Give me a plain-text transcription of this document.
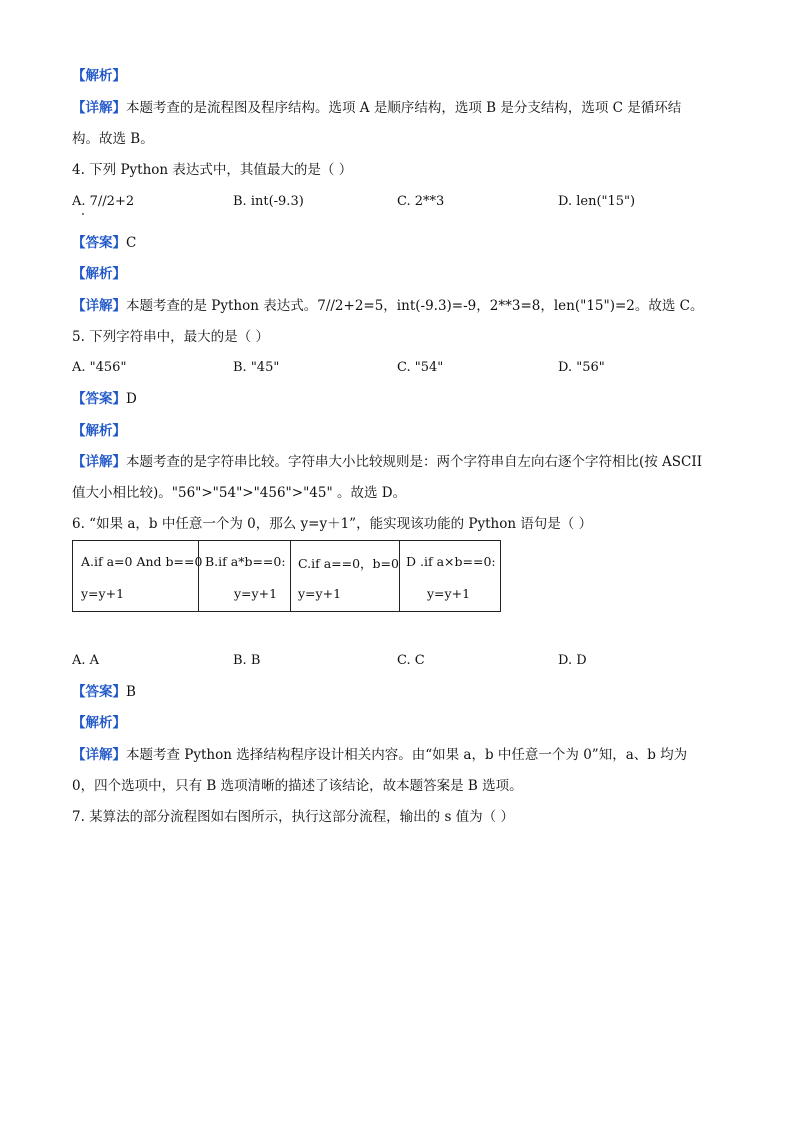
【解析】
【详解】本题考查的是流程图及程序结构。选项 A 是顺序结构，选项 B 是分支结构，选项 C 是循环结
构。故选 B。
4. 下列 Python 表达式中，其值最大的是（ ）
A. 7//2+2	B. int(-9.3)	C. 2**3	D. len("15")
【答案】C
【解析】
【详解】本题考查的是 Python 表达式。7//2+2=5，int(-9.3)=-9，2**3=8，len("15")=2。故选 C。
5. 下列字符串中，最大的是（ ）
A. "456"	B. "45"	C. "54"	D. "56"
【答案】D
【解析】
【详解】本题考查的是字符串比较。字符串大小比较规则是：两个字符串自左向右逐个字符相比(按 ASCII
值大小相比较)。"56">"54">"456">"45" 。故选 D。
6. “如果 a，b 中任意一个为 0，那么 y=y＋1”，能实现该功能的 Python 语句是（ ）
A.if a=0 And b==0
y=y+1

B.if a*b==0:
y=y+1

C.if a==0，b=0
y=y+1

D .if a×b==0:
y=y+1
A. A	B. B	C. C	D. D
【答案】B
【解析】
【详解】本题考查 Python 选择结构程序设计相关内容。由“如果 a，b 中任意一个为 0”知，a、b 均为
0，四个选项中，只有 B 选项清晰的描述了该结论，故本题答案是 B 选项。
7. 某算法的部分流程图如右图所示，执行这部分流程，输出的 s 值为（ ）
